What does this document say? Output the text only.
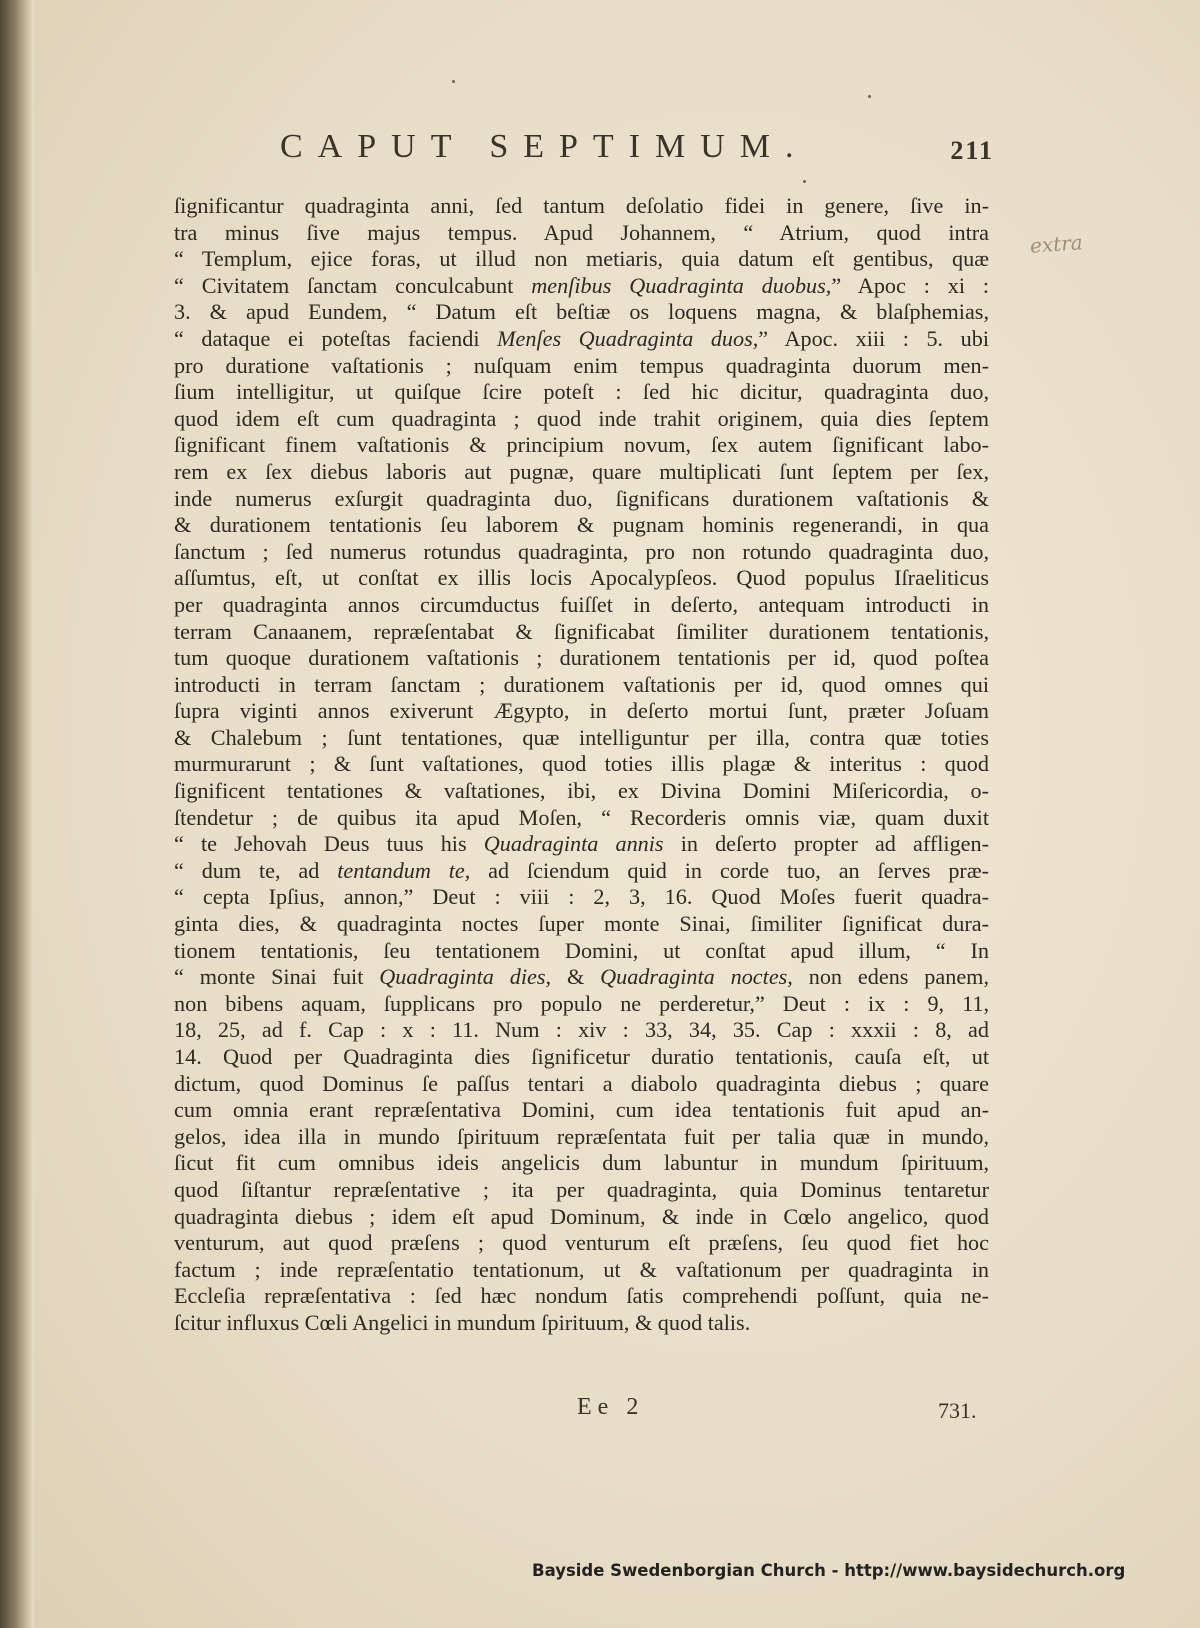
CAPUT SEPTIMUM.	211
extra
ſignificantur quadraginta anni, ſed tantum deſolatio fidei in genere, ſive in-
tra minus ſive majus tempus. Apud Johannem, “ Atrium, quod intra
“ Templum, ejice foras, ut illud non metiaris, quia datum eſt gentibus, quæ
“ Civitatem ſanctam conculcabunt menſibus Quadraginta duobus,” Apoc : xi :
3. & apud Eundem, “ Datum eſt beſtiæ os loquens magna, & blaſphemias,
“ dataque ei poteſtas faciendi Menſes Quadraginta duos,” Apoc. xiii : 5. ubi
pro duratione vaſtationis ; nuſquam enim tempus quadraginta duorum men-
ſium intelligitur, ut quiſque ſcire poteſt : ſed hic dicitur, quadraginta duo,
quod idem eſt cum quadraginta ; quod inde trahit originem, quia dies ſeptem
ſignificant finem vaſtationis & principium novum, ſex autem ſignificant labo-
rem ex ſex diebus laboris aut pugnæ, quare multiplicati ſunt ſeptem per ſex,
inde numerus exſurgit quadraginta duo, ſignificans durationem vaſtationis &
& durationem tentationis ſeu laborem & pugnam hominis regenerandi, in qua
ſanctum ; ſed numerus rotundus quadraginta, pro non rotundo quadraginta duo,
aſſumtus, eſt, ut conſtat ex illis locis Apocalypſeos. Quod populus Iſraeliticus
per quadraginta annos circumductus fuiſſet in deſerto, antequam introducti in
terram Canaanem, repræſentabat & ſignificabat ſimiliter durationem tentationis,
tum quoque durationem vaſtationis ; durationem tentationis per id, quod poſtea
introducti in terram ſanctam ; durationem vaſtationis per id, quod omnes qui
ſupra viginti annos exiverunt Ægypto, in deſerto mortui ſunt, præter Joſuam
& Chalebum ; ſunt tentationes, quæ intelliguntur per illa, contra quæ toties
murmurarunt ; & ſunt vaſtationes, quod toties illis plagæ & interitus : quod
ſignificent tentationes & vaſtationes, ibi, ex Divina Domini Miſericordia, o-
ſtendetur ; de quibus ita apud Moſen, “ Recorderis omnis viæ, quam duxit
“ te Jehovah Deus tuus his Quadraginta annis in deſerto propter ad affligen-
“ dum te, ad tentandum te, ad ſciendum quid in corde tuo, an ſerves præ-
“ cepta Ipſius, annon,” Deut : viii : 2, 3, 16. Quod Moſes fuerit quadra-
ginta dies, & quadraginta noctes ſuper monte Sinai, ſimiliter ſignificat dura-
tionem tentationis, ſeu tentationem Domini, ut conſtat apud illum, “ In
“ monte Sinai fuit Quadraginta dies, & Quadraginta noctes, non edens panem,
non bibens aquam, ſupplicans pro populo ne perderetur,” Deut : ix : 9, 11,
18, 25, ad f. Cap : x : 11. Num : xiv : 33, 34, 35. Cap : xxxii : 8, ad
14. Quod per Quadraginta dies ſignificetur duratio tentationis, cauſa eſt, ut
dictum, quod Dominus ſe paſſus tentari a diabolo quadraginta diebus ; quare
cum omnia erant repræſentativa Domini, cum idea tentationis fuit apud an-
gelos, idea illa in mundo ſpirituum repræſentata fuit per talia quæ in mundo,
ſicut fit cum omnibus ideis angelicis dum labuntur in mundum ſpirituum,
quod ſiſtantur repræſentative ; ita per quadraginta, quia Dominus tentaretur
quadraginta diebus ; idem eſt apud Dominum, & inde in Cœlo angelico, quod
venturum, aut quod præſens ; quod venturum eſt præſens, ſeu quod fiet hoc
factum ; inde repræſentatio tentationum, ut & vaſtationum per quadraginta in
Eccleſia repræſentativa : ſed hæc nondum ſatis comprehendi poſſunt, quia ne-
ſcitur influxus Cœli Angelici in mundum ſpirituum, & quod talis.
Ee 2	731.
Bayside Swedenborgian Church - http://www.baysidechurch.org
